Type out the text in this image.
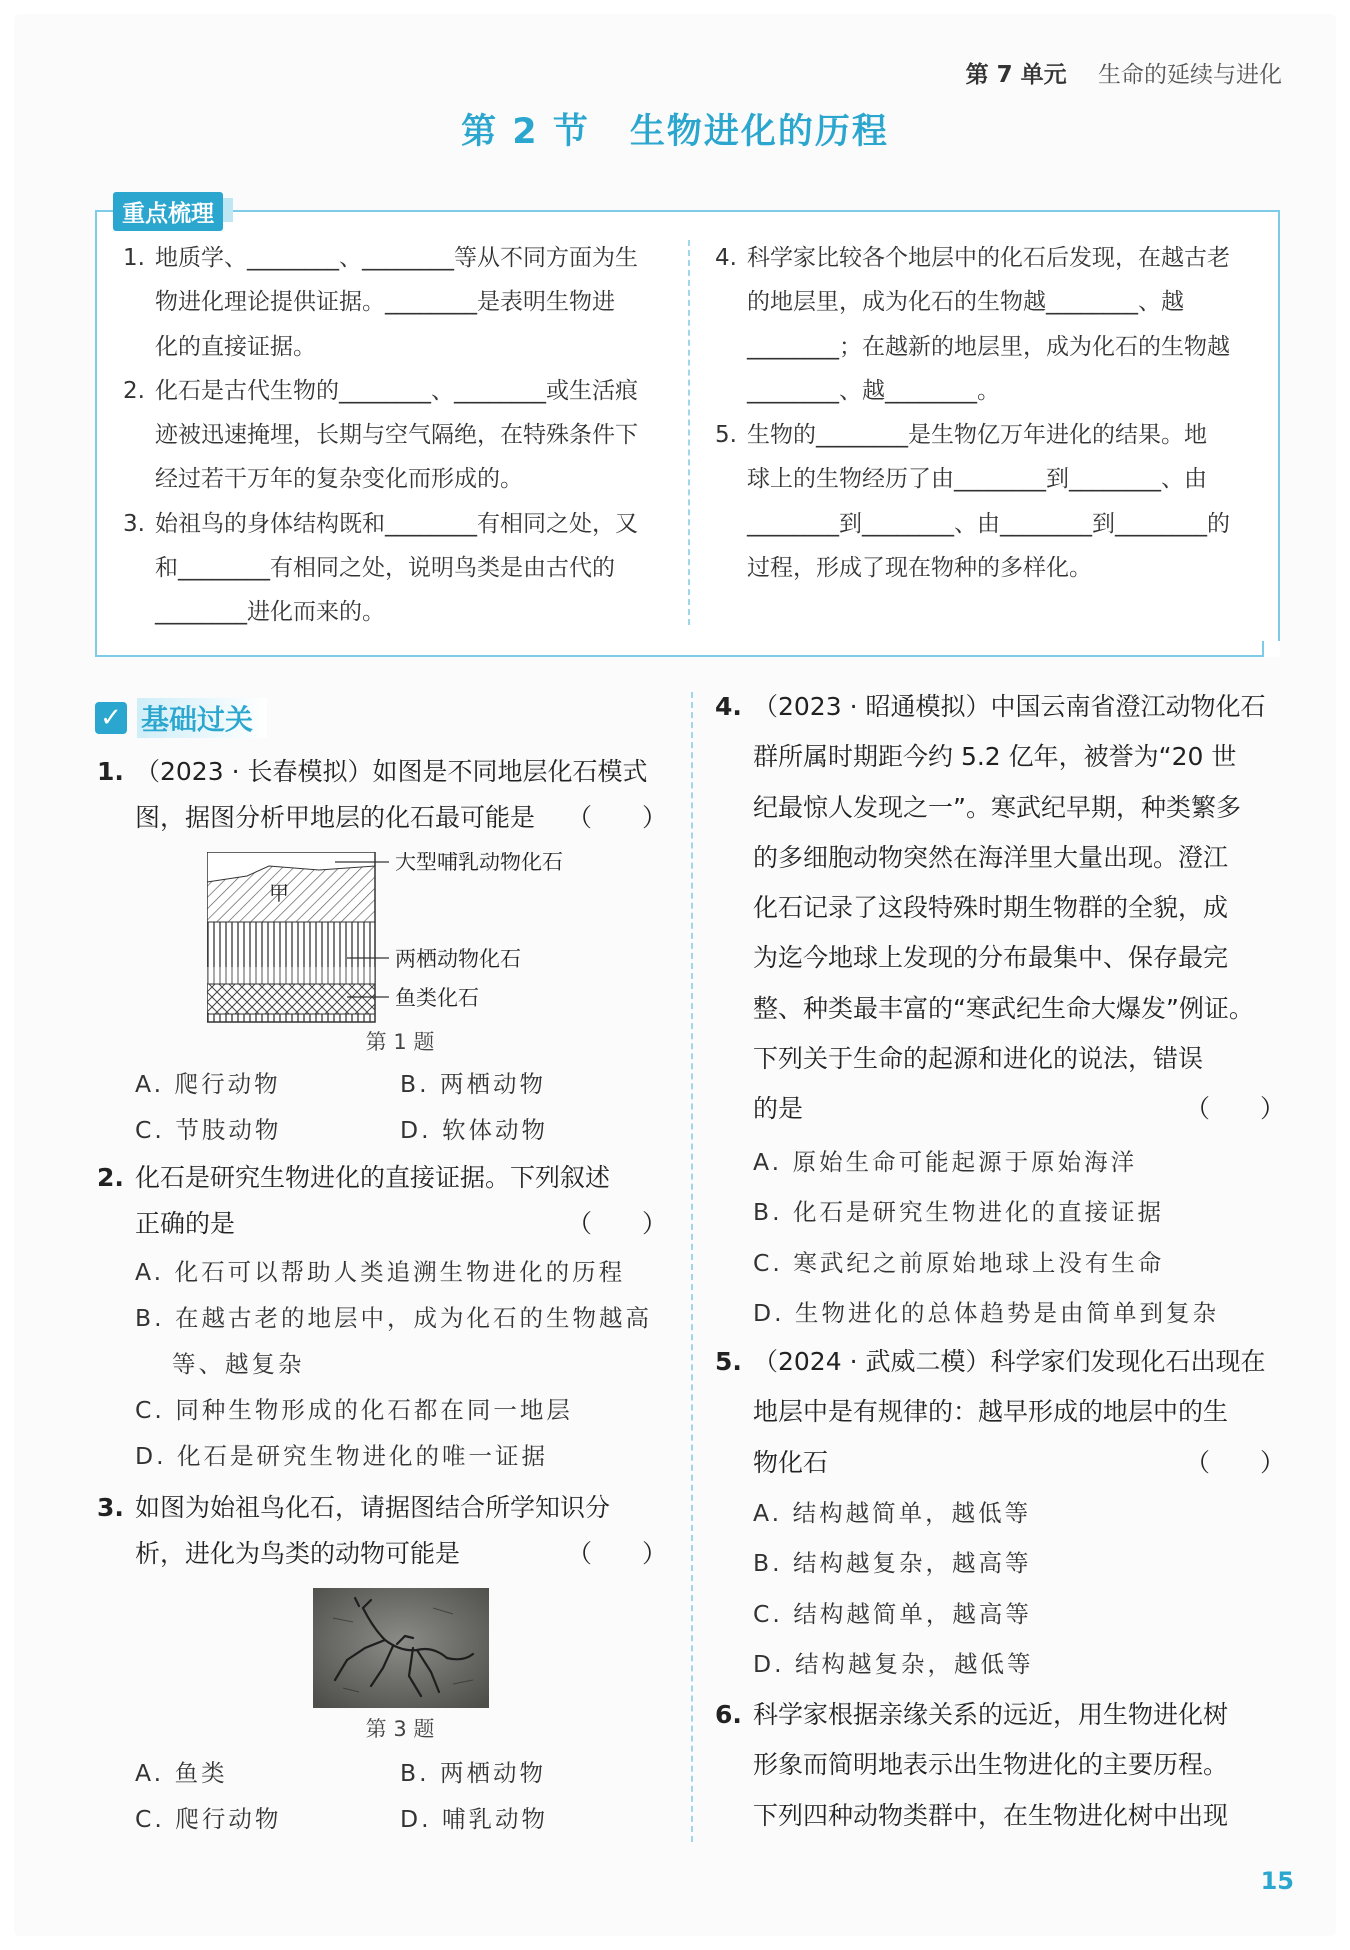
第 7 单元 生命的延续与进化
第 2 节 生物进化的历程
重点梳理
1. 地质学、________、________等从不同方面为生
物进化理论提供证据。________是表明生物进
化的直接证据。
2. 化石是古代生物的________、________或生活痕
迹被迅速掩埋，长期与空气隔绝，在特殊条件下
经过若干万年的复杂变化而形成的。
3. 始祖鸟的身体结构既和________有相同之处，又
和________有相同之处，说明鸟类是由古代的
________进化而来的。
4. 科学家比较各个地层中的化石后发现，在越古老
的地层里，成为化石的生物越________、越
________；在越新的地层里，成为化石的生物越
________、越________。
5. 生物的________是生物亿万年进化的结果。地
球上的生物经历了由________到________、由
________到________、由________到________的
过程，形成了现在物种的多样化。
✓ 基础过关
1. （2023 · 长春模拟）如图是不同地层化石模式
图，据图分析甲地层的化石最可能是 （　　）
大型哺乳动物化石
甲
两栖动物化石
鱼类化石
第 1 题
A. 爬行动物	B. 两栖动物
C. 节肢动物	D. 软体动物
2. 化石是研究生物进化的直接证据。下列叙述
正确的是	（　　）
A. 化石可以帮助人类追溯生物进化的历程
B. 在越古老的地层中，成为化石的生物越高
　 等、越复杂
C. 同种生物形成的化石都在同一地层
D. 化石是研究生物进化的唯一证据
3. 如图为始祖鸟化石，请据图结合所学知识分
析，进化为鸟类的动物可能是	（　　）
第 3 题
A. 鱼类	B. 两栖动物
C. 爬行动物	D. 哺乳动物
4. （2023 · 昭通模拟）中国云南省澄江动物化石
群所属时期距今约 5.2 亿年，被誉为“20 世
纪最惊人发现之一”。寒武纪早期，种类繁多
的多细胞动物突然在海洋里大量出现。澄江
化石记录了这段特殊时期生物群的全貌，成
为迄今地球上发现的分布最集中、保存最完
整、种类最丰富的“寒武纪生命大爆发”例证。
下列关于生命的起源和进化的说法，错误
的是	（　　）
A. 原始生命可能起源于原始海洋
B. 化石是研究生物进化的直接证据
C. 寒武纪之前原始地球上没有生命
D. 生物进化的总体趋势是由简单到复杂
5. （2024 · 武威二模）科学家们发现化石出现在
地层中是有规律的：越早形成的地层中的生
物化石	（　　）
A. 结构越简单，越低等
B. 结构越复杂，越高等
C. 结构越简单，越高等
D. 结构越复杂，越低等
6. 科学家根据亲缘关系的远近，用生物进化树
形象而简明地表示出生物进化的主要历程。
下列四种动物类群中，在生物进化树中出现
15
